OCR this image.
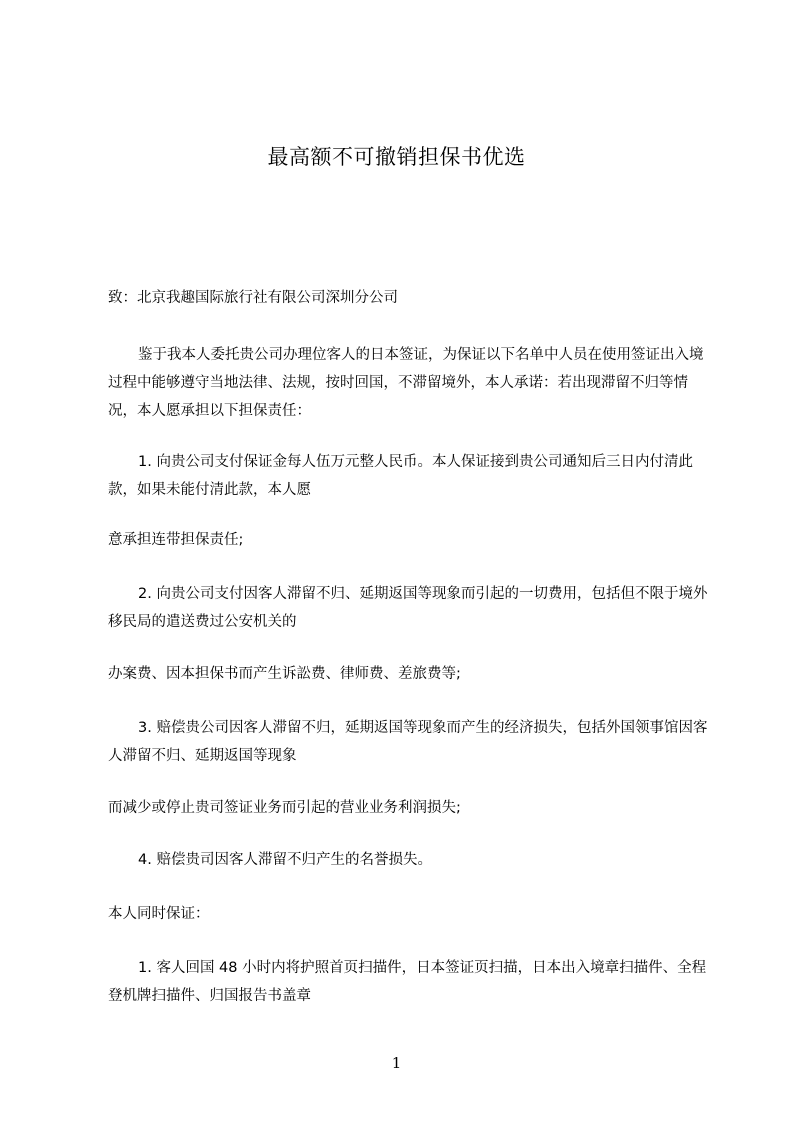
最高额不可撤销担保书优选

致：北京我趣国际旅行社有限公司深圳分公司

鉴于我本人委托贵公司办理位客人的日本签证，为保证以下名单中人员在使用签证出入境过程中能够遵守当地法律、法规，按时回国，不滞留境外，本人承诺：若出现滞留不归等情况，本人愿承担以下担保责任：

1. 向贵公司支付保证金每人伍万元整人民币。本人保证接到贵公司通知后三日内付清此款，如果未能付清此款，本人愿

意承担连带担保责任;

2. 向贵公司支付因客人滞留不归、延期返国等现象而引起的一切费用，包括但不限于境外移民局的遣送费过公安机关的

办案费、因本担保书而产生诉訟费、律师费、差旅费等;

3. 赔偿贵公司因客人滞留不归，延期返国等现象而产生的经济损失，包括外国领事馆因客人滞留不归、延期返国等现象

而减少或停止贵司签证业务而引起的营业业务利润损失;

4. 赔偿贵司因客人滞留不归产生的名誉损失。

本人同时保证：

1. 客人回国 48 小时内将护照首页扫描件，日本签证页扫描，日本出入境章扫描件、全程登机牌扫描件、归国报告书盖章

1
